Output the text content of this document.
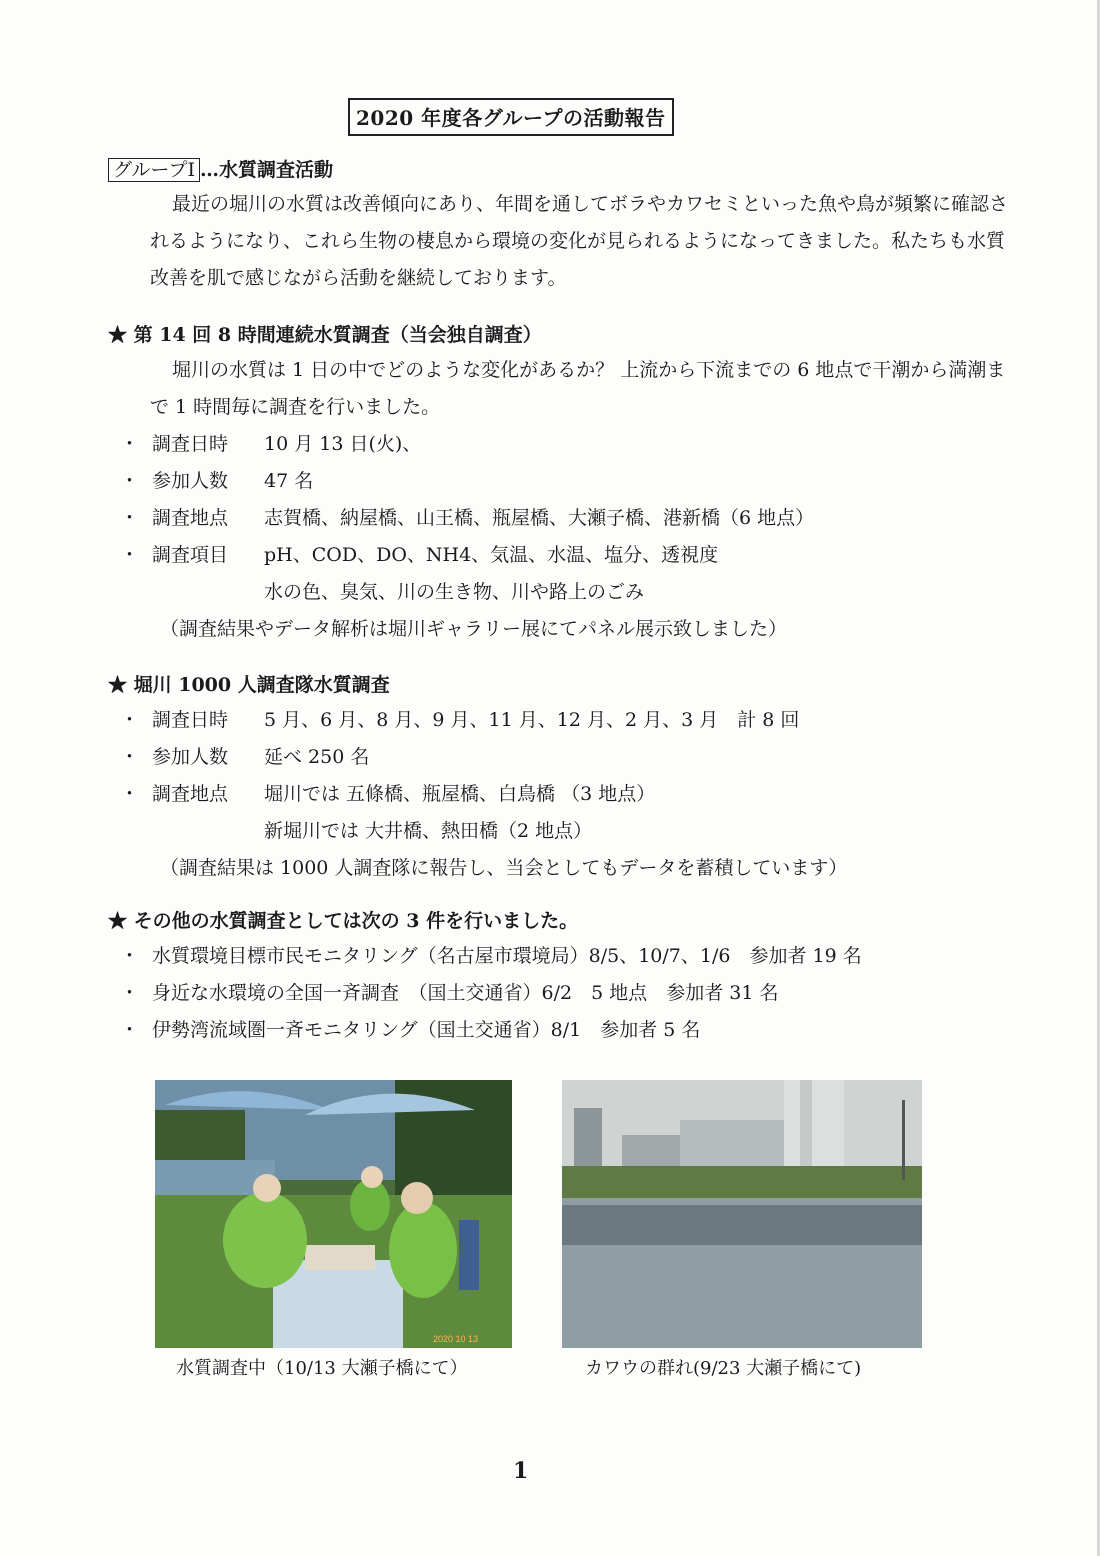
2020 年度各グループの活動報告
グループⅠ …水質調査活動
最近の堀川の水質は改善傾向にあり、年間を通してボラやカワセミといった魚や鳥が頻繁に確認されるようになり、これら生物の棲息から環境の変化が見られるようになってきました。私たちも水質改善を肌で感じながら活動を継続しております。
★ 第 14 回 8 時間連続水質調査（当会独自調査）
堀川の水質は 1 日の中でどのような変化があるか？ 上流から下流までの 6 地点で干潮から満潮まで 1 時間毎に調査を行いました。
・ 調査日時	10 月 13 日(火)、
・ 参加人数	47 名
・ 調査地点	志賀橋、納屋橋、山王橋、瓶屋橋、大瀬子橋、港新橋（6 地点）
・ 調査項目	pH、COD、DO、NH4、気温、水温、塩分、透視度
水の色、臭気、川の生き物、川や路上のごみ
（調査結果やデータ解析は堀川ギャラリー展にてパネル展示致しました）
★ 堀川 1000 人調査隊水質調査
・ 調査日時	5 月、6 月、8 月、9 月、11 月、12 月、2 月、3 月　計 8 回
・ 参加人数	延べ 250 名
・ 調査地点	堀川では 五條橋、瓶屋橋、白鳥橋 （3 地点）
新堀川では 大井橋、熱田橋（2 地点）
（調査結果は 1000 人調査隊に報告し、当会としてもデータを蓄積しています）
★ その他の水質調査としては次の 3 件を行いました。
・ 水質環境目標市民モニタリング（名古屋市環境局）8/5、10/7、1/6　参加者 19 名
・ 身近な水環境の全国一斉調査　（国土交通省）6/2　5 地点　参加者 31 名
・ 伊勢湾流域圏一斉モニタリング（国土交通省）8/1　参加者 5 名
2020 10 13
水質調査中（10/13 大瀬子橋にて）	カワウの群れ(9/23 大瀬子橋にて)
1
